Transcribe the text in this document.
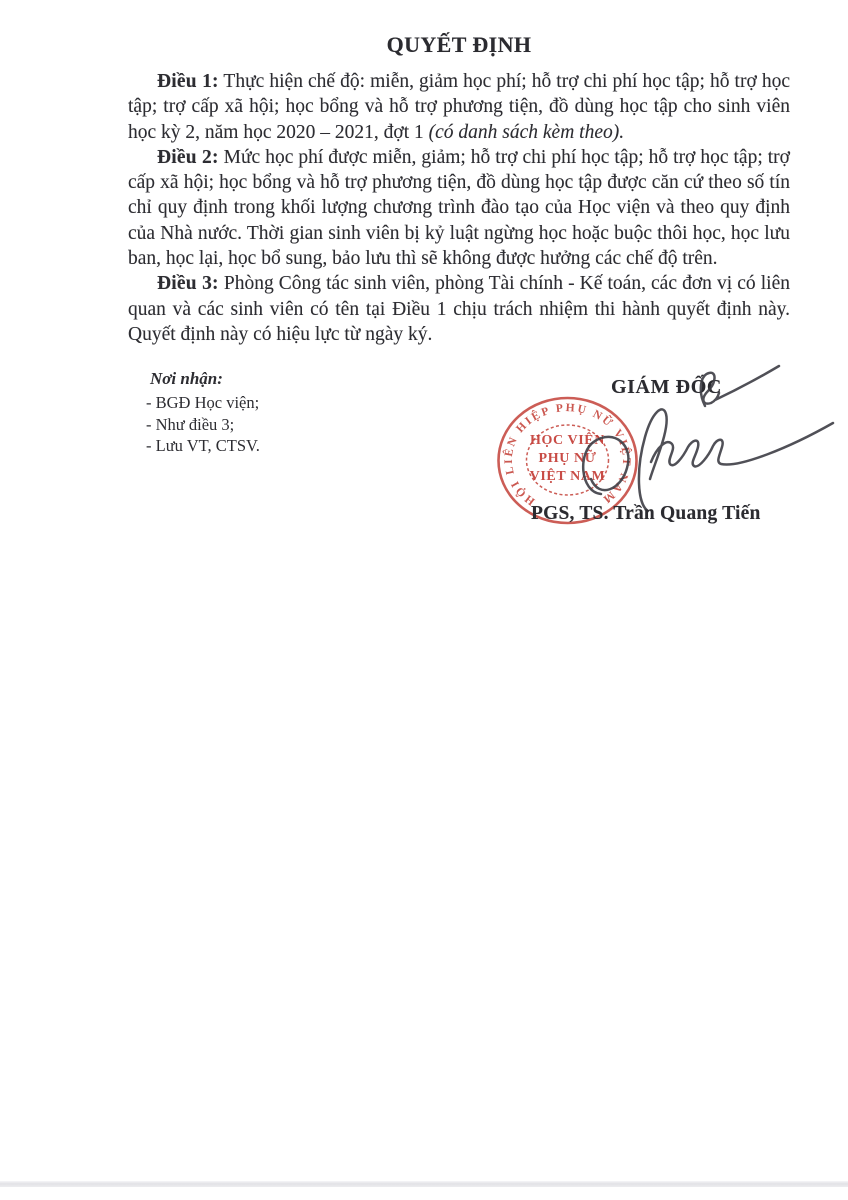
QUYẾT ĐỊNH

Điều 1: Thực hiện chế độ: miễn, giảm học phí; hỗ trợ chi phí học tập; hỗ trợ học tập; trợ cấp xã hội; học bổng và hỗ trợ phương tiện, đồ dùng học tập cho sinh viên học kỳ 2, năm học 2020 – 2021, đợt 1 (có danh sách kèm theo).

Điều 2: Mức học phí được miễn, giảm; hỗ trợ chi phí học tập; hỗ trợ học tập; trợ cấp xã hội; học bổng và hỗ trợ phương tiện, đồ dùng học tập được căn cứ theo số tín chỉ quy định trong khối lượng chương trình đào tạo của Học viện và theo quy định của Nhà nước. Thời gian sinh viên bị kỷ luật ngừng học hoặc buộc thôi học, học lưu ban, học lại, học bổ sung, bảo lưu thì sẽ không được hưởng các chế độ trên.

Điều 3: Phòng Công tác sinh viên, phòng Tài chính - Kế toán, các đơn vị có liên quan và các sinh viên có tên tại Điều 1 chịu trách nhiệm thi hành quyết định này. Quyết định này có hiệu lực từ ngày ký.

Nơi nhận:
- BGĐ Học viện;
- Như điều 3;
- Lưu VT, CTSV.
GIÁM ĐỐC
HỘI LIÊN HIỆP PHỤ NỮ VIỆT NAM
HỌC VIỆN
PHỤ NỮ
VIỆT NAM
PGS, TS. Trần Quang Tiến
